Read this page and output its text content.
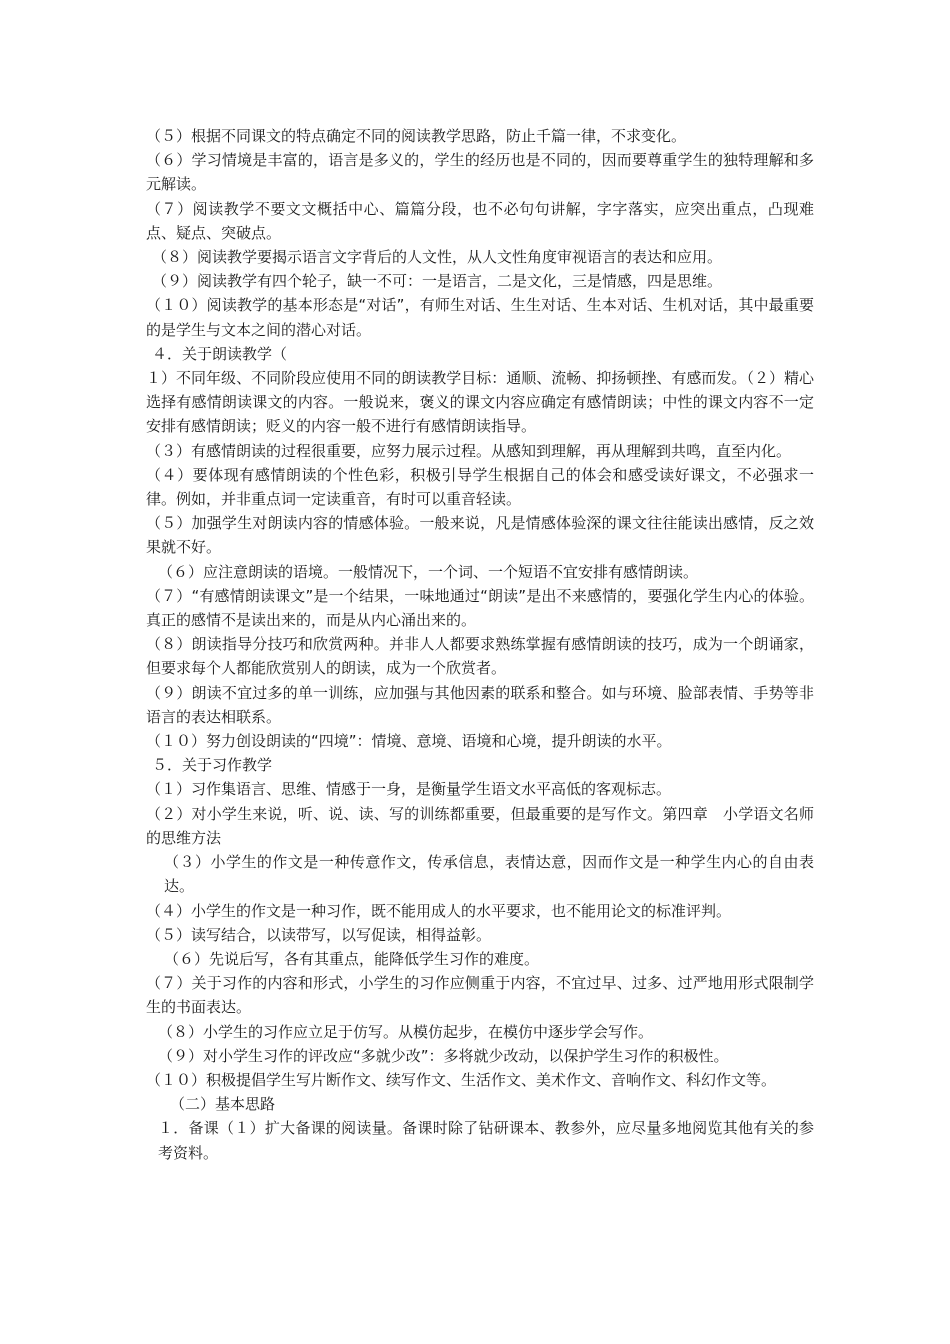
（５）根据不同课文的特点确定不同的阅读教学思路，防止千篇一律，不求变化。

（６）学习情境是丰富的，语言是多义的，学生的经历也是不同的，因而要尊重学生的独特理解和多元解读。

（７）阅读教学不要文文概括中心、篇篇分段，也不必句句讲解，字字落实，应突出重点，凸现难点、疑点、突破点。

（８）阅读教学要揭示语言文字背后的人文性，从人文性角度审视语言的表达和应用。

（９）阅读教学有四个轮子，缺一不可：一是语言，二是文化，三是情感，四是思维。

（１０）阅读教学的基本形态是“对话”，有师生对话、生生对话、生本对话、生机对话，其中最重要的是学生与文本之间的潜心对话。

４．关于朗读教学（

１）不同年级、不同阶段应使用不同的朗读教学目标：通顺、流畅、抑扬顿挫、有感而发。（２）精心选择有感情朗读课文的内容。一般说来，褒义的课文内容应确定有感情朗读；中性的课文内容不一定安排有感情朗读；贬义的内容一般不进行有感情朗读指导。

（３）有感情朗读的过程很重要，应努力展示过程。从感知到理解，再从理解到共鸣，直至内化。

（４）要体现有感情朗读的个性色彩，积极引导学生根据自己的体会和感受读好课文，不必强求一律。例如，并非重点词一定读重音，有时可以重音轻读。

（５）加强学生对朗读内容的情感体验。一般来说，凡是情感体验深的课文往往能读出感情，反之效果就不好。

（６）应注意朗读的语境。一般情况下，一个词、一个短语不宜安排有感情朗读。

（７）“有感情朗读课文”是一个结果，一味地通过“朗读”是出不来感情的，要强化学生内心的体验。真正的感情不是读出来的，而是从内心涌出来的。

（８）朗读指导分技巧和欣赏两种。并非人人都要求熟练掌握有感情朗读的技巧，成为一个朗诵家，但要求每个人都能欣赏别人的朗读，成为一个欣赏者。

（９）朗读不宜过多的单一训练，应加强与其他因素的联系和整合。如与环境、脸部表情、手势等非语言的表达相联系。

（１０）努力创设朗读的“四境”：情境、意境、语境和心境，提升朗读的水平。

５．关于习作教学

（１）习作集语言、思维、情感于一身，是衡量学生语文水平高低的客观标志。

（２）对小学生来说，听、说、读、写的训练都重要，但最重要的是写作文。第四章　小学语文名师的思维方法

（３）小学生的作文是一种传意作文，传承信息，表情达意，因而作文是一种学生内心的自由表达。

（４）小学生的作文是一种习作，既不能用成人的水平要求，也不能用论文的标准评判。

（５）读写结合，以读带写，以写促读，相得益彰。

（６）先说后写，各有其重点，能降低学生习作的难度。

（７）关于习作的内容和形式，小学生的习作应侧重于内容，不宜过早、过多、过严地用形式限制学生的书面表达。

（８）小学生的习作应立足于仿写。从模仿起步，在模仿中逐步学会写作。

（９）对小学生习作的评改应“多就少改”：多将就少改动，以保护学生习作的积极性。

（１０）积极提倡学生写片断作文、续写作文、生活作文、美术作文、音响作文、科幻作文等。

（二）基本思路

１．备课（１）扩大备课的阅读量。备课时除了钻研课本、教参外，应尽量多地阅览其他有关的参考资料。
